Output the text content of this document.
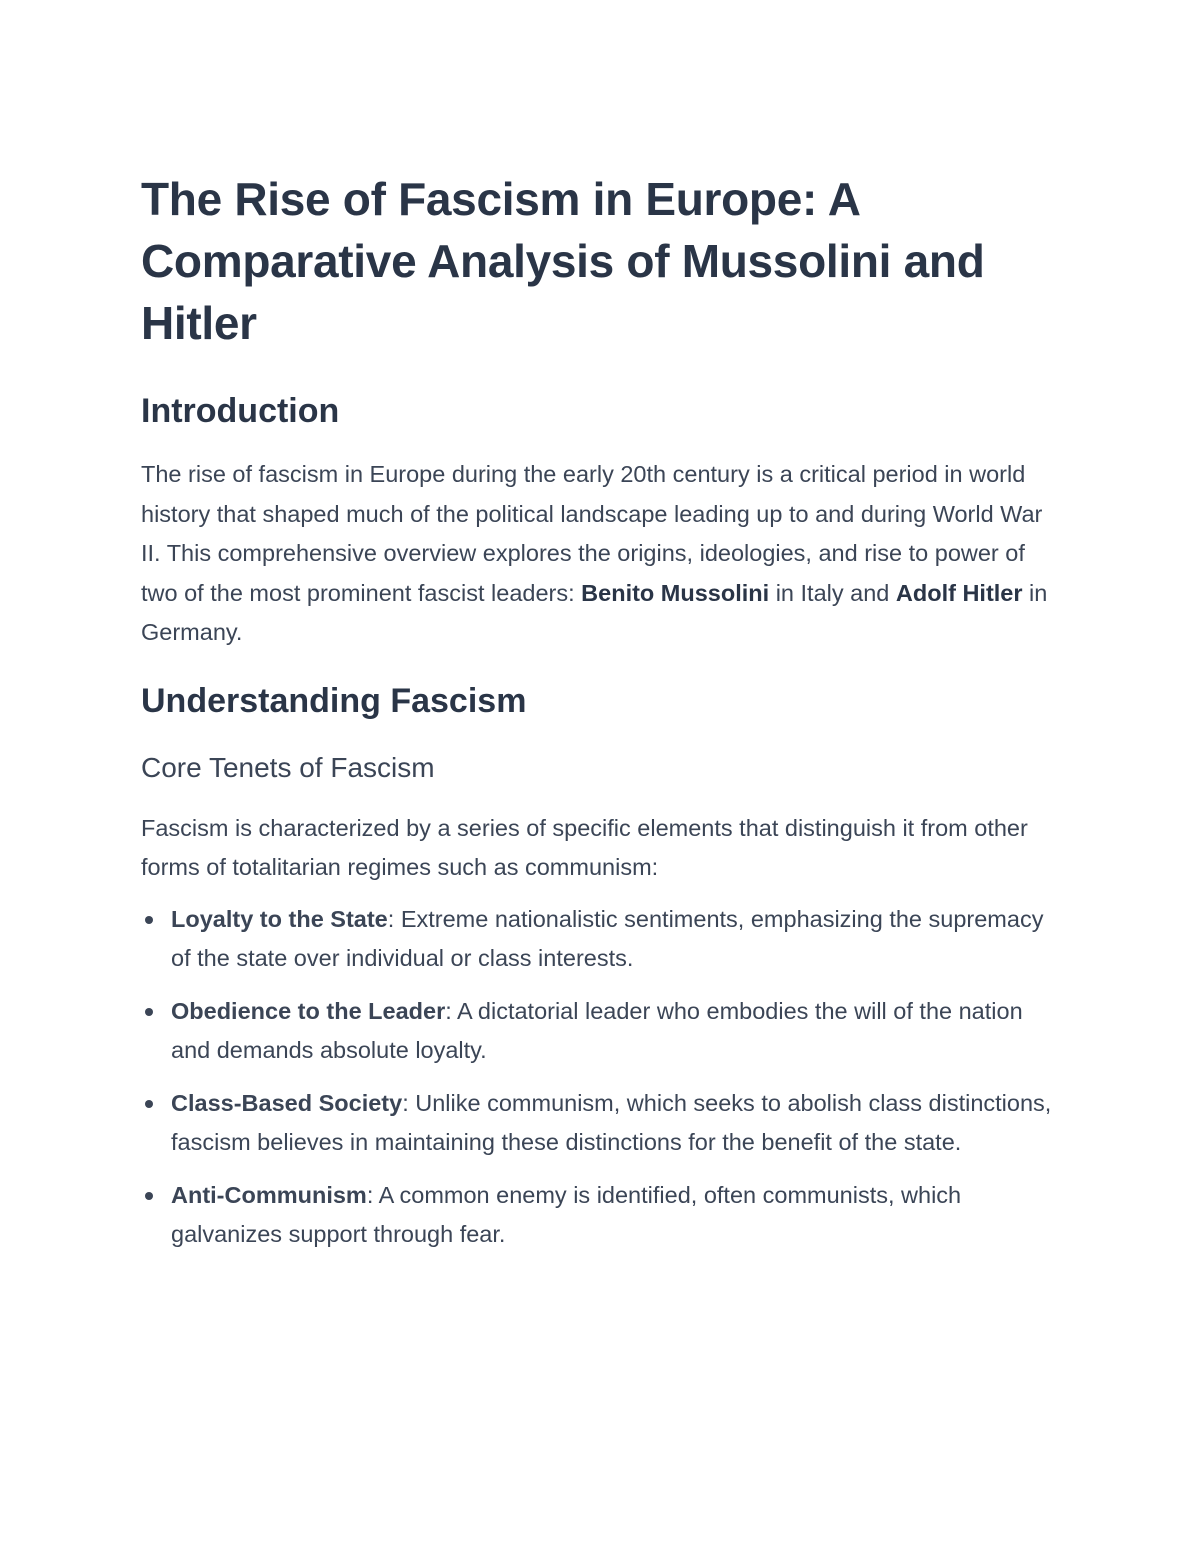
The Rise of Fascism in Europe: A Comparative Analysis of Mussolini and Hitler
Introduction

The rise of fascism in Europe during the early 20th century is a critical period in world history that shaped much of the political landscape leading up to and during World War II. This comprehensive overview explores the origins, ideologies, and rise to power of two of the most prominent fascist leaders: Benito Mussolini in Italy and Adolf Hitler in Germany.

Understanding Fascism
Core Tenets of Fascism

Fascism is characterized by a series of specific elements that distinguish it from other forms of totalitarian regimes such as communism:

Loyalty to the State: Extreme nationalistic sentiments, emphasizing the supremacy of the state over individual or class interests.
Obedience to the Leader: A dictatorial leader who embodies the will of the nation and demands absolute loyalty.
Class-Based Society: Unlike communism, which seeks to abolish class distinctions, fascism believes in maintaining these distinctions for the benefit of the state.
Anti-Communism: A common enemy is identified, often communists, which galvanizes support through fear.
